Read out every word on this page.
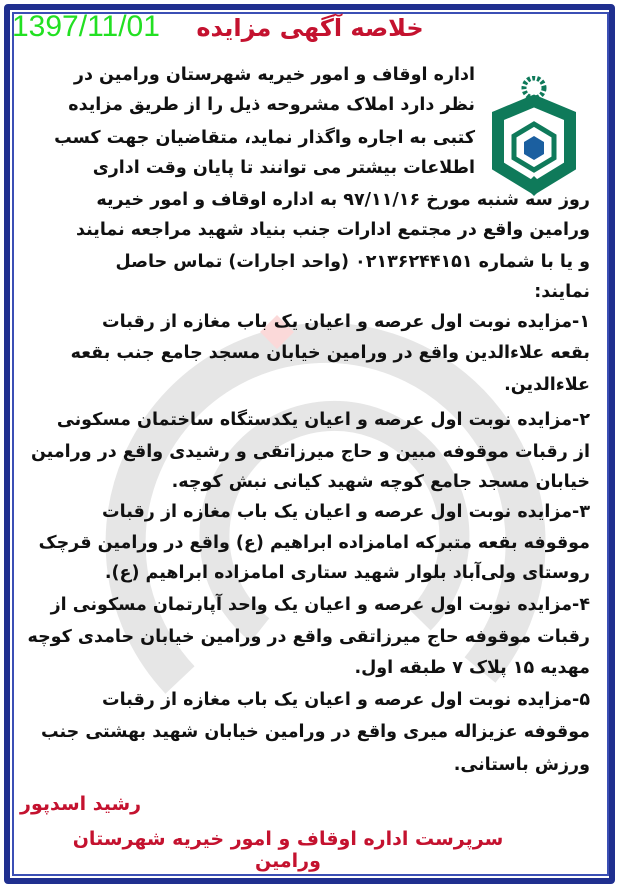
1397/11/01	خلاصه آگهی مزایده
اداره اوقاف و امور خیریه شهرستان ورامین در
نظر دارد املاک مشروحه ذیل را از طریق مزایده
کتبی به اجاره واگذار نماید، متقاضیان جهت کسب
اطلاعات بیشتر می توانند تا پایان وقت اداری
روز سه شنبه مورخ ۹۷/۱۱/۱۶ به اداره اوقاف و امور خیریه
ورامین واقع در مجتمع ادارات جنب بنیاد شهید مراجعه نمایند
و یا با شماره ۰۲۱۳۶۲۴۴۱۵۱ (واحد اجارات) تماس حاصل
نمایند:
۱-مزایده نوبت اول عرصه و اعیان یک باب مغازه از رقبات
بقعه علاءالدین واقع در ورامین خیابان مسجد جامع جنب بقعه
علاءالدین.
۲-مزایده نوبت اول عرصه و اعیان یکدستگاه ساختمان مسکونی
از رقبات موقوفه مبین و حاج میرزاتقی و رشیدی واقع در ورامین
خیابان مسجد جامع کوچه شهید کیانی نبش کوچه.
۳-مزایده نوبت اول عرصه و اعیان یک باب مغازه از رقبات
موقوفه بقعه متبرکه امامزاده ابراهیم (ع) واقع در ورامین قرچک
روستای ولی‌آباد بلوار شهید ستاری امامزاده ابراهیم (ع).
۴-مزایده نوبت اول عرصه و اعیان یک واحد آپارتمان مسکونی از
رقبات موقوفه حاج میرزاتقی واقع در ورامین خیابان حامدی کوچه
مهدیه ۱۵ پلاک ۷ طبقه اول.
۵-مزایده نوبت اول عرصه و اعیان یک باب مغازه از رقبات
موقوفه عزیزاله میری واقع در ورامین خیابان شهید بهشتی جنب
ورزش باستانی.
رشید اسدپور
سرپرست اداره اوقاف و امور خیریه شهرستان ورامین
